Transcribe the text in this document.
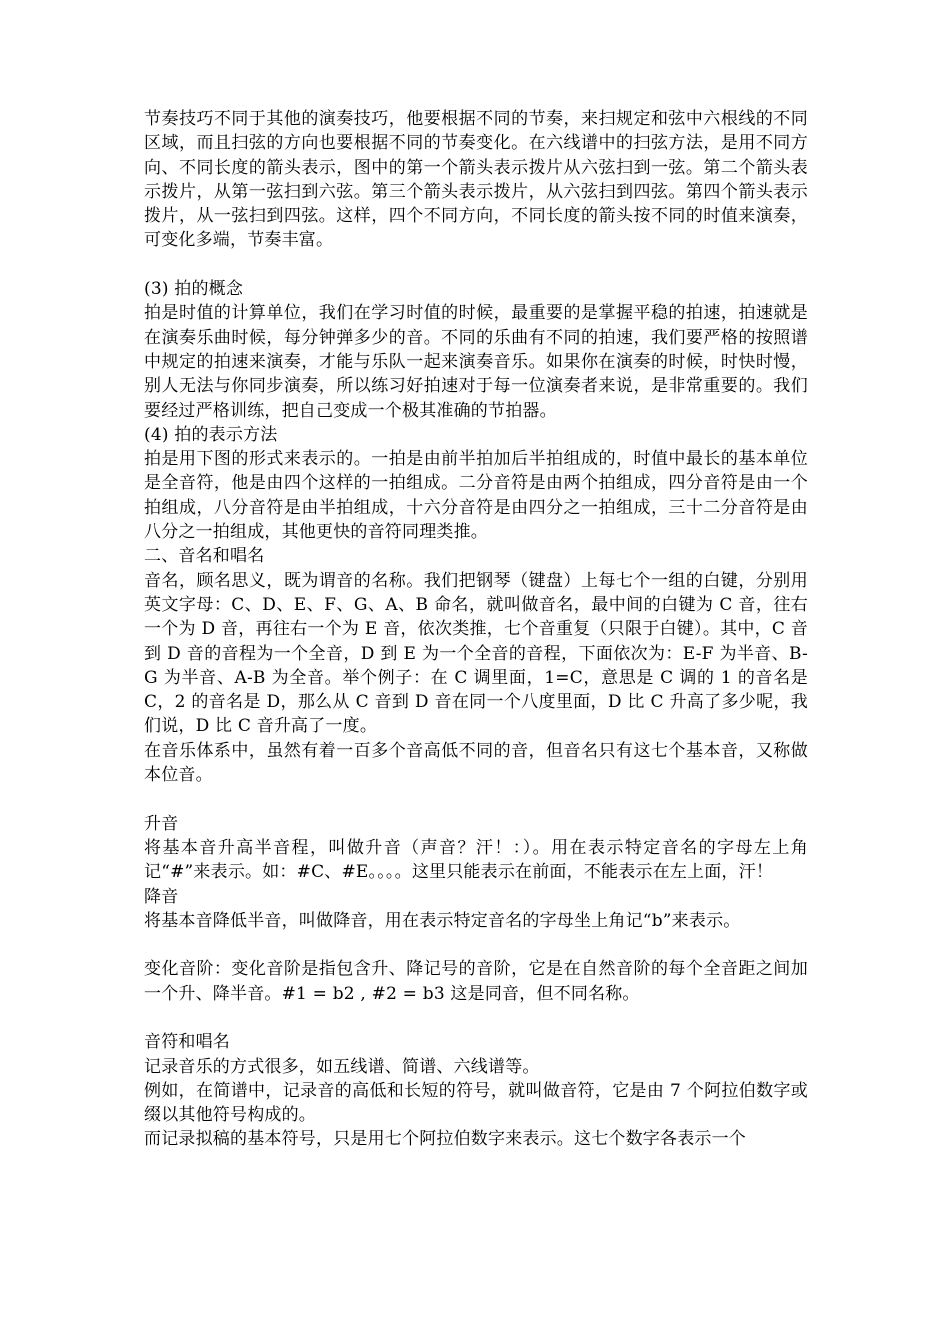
节奏技巧不同于其他的演奏技巧，他要根据不同的节奏，来扫规定和弦中六根线的不同区域，而且扫弦的方向也要根据不同的节奏变化。在六线谱中的扫弦方法，是用不同方向、不同长度的箭头表示，图中的第一个箭头表示拨片从六弦扫到一弦。第二个箭头表示拨片，从第一弦扫到六弦。第三个箭头表示拨片，从六弦扫到四弦。第四个箭头表示拨片，从一弦扫到四弦。这样，四个不同方向，不同长度的箭头按不同的时值来演奏，可变化多端，节奏丰富。

(3) 拍的概念

拍是时值的计算单位，我们在学习时值的时候，最重要的是掌握平稳的拍速，拍速就是在演奏乐曲时候，每分钟弹多少的音。不同的乐曲有不同的拍速，我们要严格的按照谱中规定的拍速来演奏，才能与乐队一起来演奏音乐。如果你在演奏的时候，时快时慢，别人无法与你同步演奏，所以练习好拍速对于每一位演奏者来说，是非常重要的。我们要经过严格训练，把自己变成一个极其准确的节拍器。

(4) 拍的表示方法

拍是用下图的形式来表示的。一拍是由前半拍加后半拍组成的，时值中最长的基本单位是全音符，他是由四个这样的一拍组成。二分音符是由两个拍组成，四分音符是由一个拍组成，八分音符是由半拍组成，十六分音符是由四分之一拍组成，三十二分音符是由八分之一拍组成，其他更快的音符同理类推。

二、音名和唱名

音名，顾名思义，既为谓音的名称。我们把钢琴（键盘）上每七个一组的白键，分别用英文字母：C、D、E、F、G、A、B 命名，就叫做音名，最中间的白键为 C 音，往右一个为 D 音，再往右一个为 E 音，依次类推，七个音重复（只限于白键）。其中，C 音到 D 音的音程为一个全音，D 到 E 为一个全音的音程，下面依次为：E-F 为半音、B-G 为半音、A-B 为全音。举个例子：在 C 调里面，1=C，意思是 C 调的 1 的音名是 C，2 的音名是 D，那么从 C 音到 D 音在同一个八度里面，D 比 C 升高了多少呢，我们说，D 比 C 音升高了一度。

在音乐体系中，虽然有着一百多个音高低不同的音，但音名只有这七个基本音，又称做本位音。

升音

将基本音升高半音程，叫做升音（声音？汗！：）。用在表示特定音名的字母左上角记“#”来表示。如：#C、#E。。。。这里只能表示在前面，不能表示在左上面，汗！

降音

将基本音降低半音，叫做降音，用在表示特定音名的字母坐上角记“b”来表示。

变化音阶：变化音阶是指包含升、降记号的音阶，它是在自然音阶的每个全音距之间加一个升、降半音。#1 = b2 , #2 = b3 这是同音，但不同名称。

音符和唱名

记录音乐的方式很多，如五线谱、简谱、六线谱等。

例如，在简谱中，记录音的高低和长短的符号，就叫做音符，它是由 7 个阿拉伯数字或缀以其他符号构成的。

而记录拟稿的基本符号，只是用七个阿拉伯数字来表示。这七个数字各表示一个
